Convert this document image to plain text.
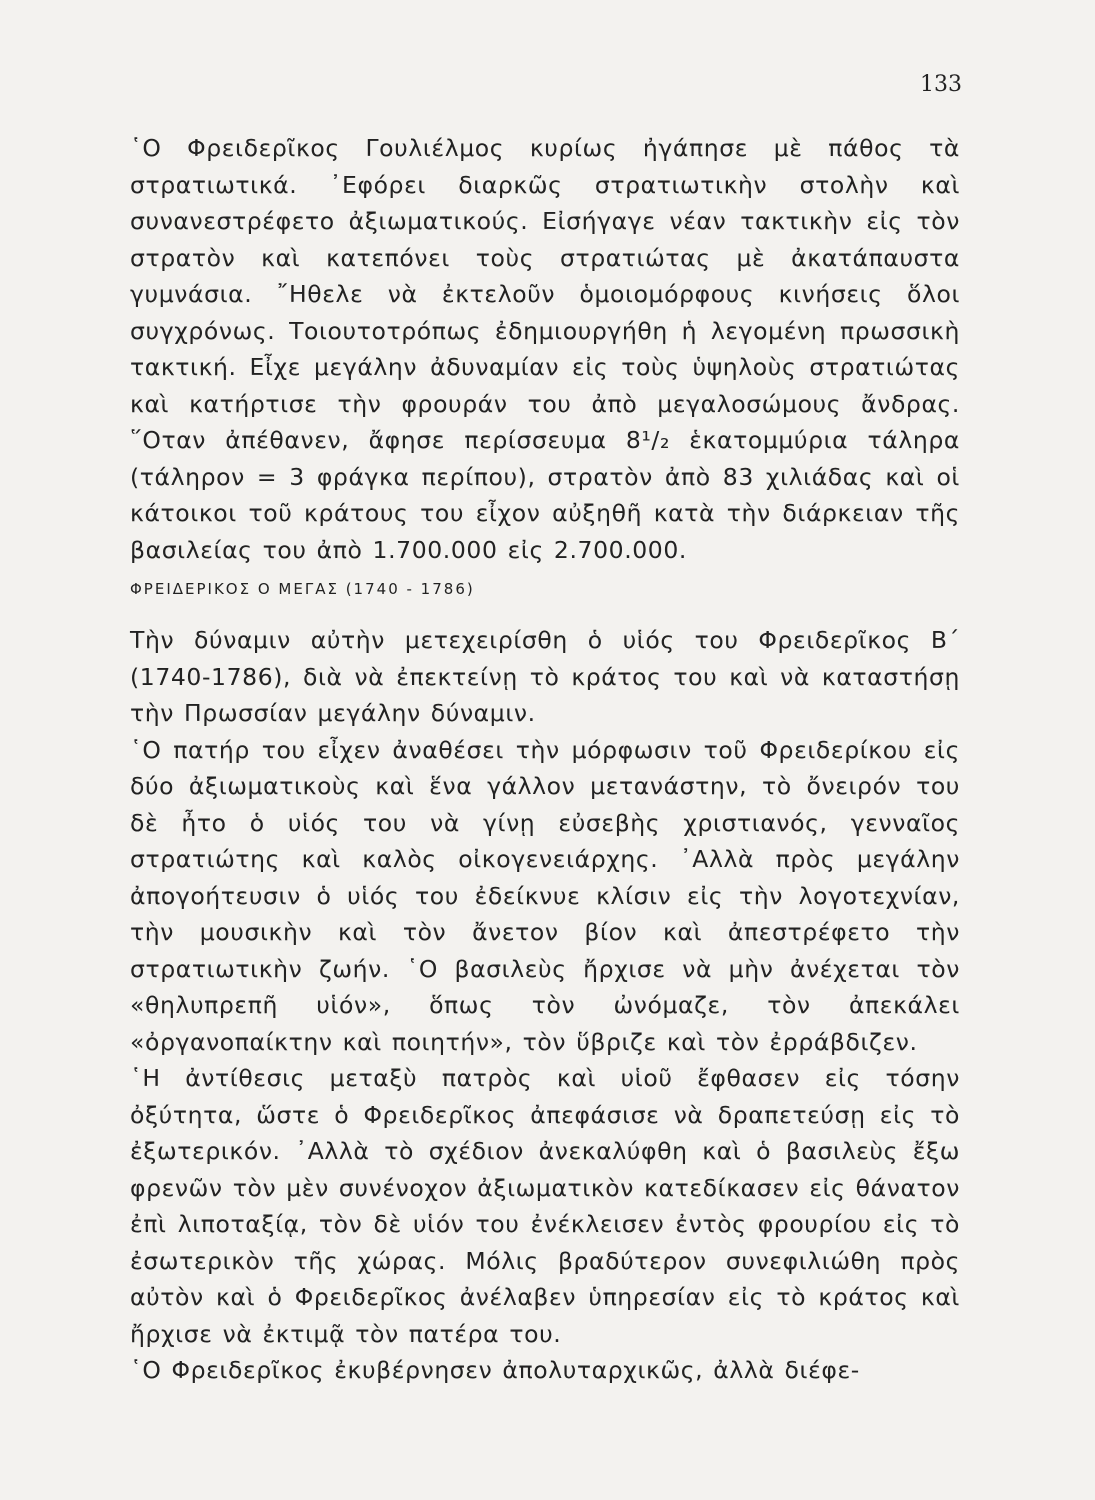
133

῾Ο Φρειδερῖκος Γουλιέλμος κυρίως ἠγάπησε μὲ πάθος τὰ στρατιωτικά. ᾿Εφόρει διαρκῶς στρατιωτικὴν στολὴν καὶ συνανεστρέφετο ἀξιωματικούς. Εἰσήγαγε νέαν τακτικὴν εἰς τὸν στρατὸν καὶ κατεπόνει τοὺς στρατιώτας μὲ ἀκατάπαυστα γυμνάσια. ῎Ηθελε νὰ ἐκτελοῦν ὁμοιομόρφους κινήσεις ὅλοι συγχρόνως. Τοιουτοτρόπως ἐδημιουργήθη ἡ λεγομένη πρωσσικὴ τακτική. Εἶχε μεγάλην ἀδυναμίαν εἰς τοὺς ὑψηλοὺς στρατιώτας καὶ κατήρτισε τὴν φρουράν του ἀπὸ μεγαλοσώμους ἄνδρας. ῞Οταν ἀπέθανεν, ἄφησε περίσσευμα 8¹/₂ ἑκατομμύρια τάληρα (τάληρον = 3 φράγκα περίπου), στρατὸν ἀπὸ 83 χιλιάδας καὶ οἱ κάτοικοι τοῦ κράτους του εἶχον αὐξηθῆ κατὰ τὴν διάρκειαν τῆς βασιλείας του ἀπὸ 1.700.000 εἰς 2.700.000.

ΦΡΕΙΔΕΡΙΚΟΣ Ο ΜΕΓΑΣ (1740 - 1786)

Τὴν δύναμιν αὐτὴν μετεχειρίσθη ὁ υἱός του Φρειδερῖκος Β΄ (1740-1786), διὰ νὰ ἐπεκτείνῃ τὸ κράτος του καὶ νὰ καταστήσῃ τὴν Πρωσσίαν μεγάλην δύναμιν.

῾Ο πατήρ του εἶχεν ἀναθέσει τὴν μόρφωσιν τοῦ Φρειδερίκου εἰς δύο ἀξιωματικοὺς καὶ ἕνα γάλλον μετανάστην, τὸ ὄνειρόν του δὲ ἦτο ὁ υἱός του νὰ γίνῃ εὐσεβὴς χριστιανός, γενναῖος στρατιώτης καὶ καλὸς οἰκογενειάρχης. ᾿Αλλὰ πρὸς μεγάλην ἀπογοήτευσιν ὁ υἱός του ἐδείκνυε κλίσιν εἰς τὴν λογοτεχνίαν, τὴν μουσικὴν καὶ τὸν ἄνετον βίον καὶ ἀπεστρέφετο τὴν στρατιωτικὴν ζωήν. ῾Ο βασιλεὺς ἤρχισε νὰ μὴν ἀνέχεται τὸν «θηλυπρεπῆ υἱόν», ὅπως τὸν ὠνόμαζε, τὸν ἀπεκάλει «ὀργανοπαίκτην καὶ ποιητήν», τὸν ὕβριζε καὶ τὸν ἐρράβδιζεν.

῾Η ἀντίθεσις μεταξὺ πατρὸς καὶ υἱοῦ ἔφθασεν εἰς τόσην ὀξύτητα, ὥστε ὁ Φρειδερῖκος ἀπεφάσισε νὰ δραπετεύσῃ εἰς τὸ ἐξωτερικόν. ᾿Αλλὰ τὸ σχέδιον ἀνεκαλύφθη καὶ ὁ βασιλεὺς ἔξω φρενῶν τὸν μὲν συνένοχον ἀξιωματικὸν κατεδίκασεν εἰς θάνατον ἐπὶ λιποταξίᾳ, τὸν δὲ υἱόν του ἐνέκλεισεν ἐντὸς φρουρίου εἰς τὸ ἐσωτερικὸν τῆς χώρας. Μόλις βραδύτερον συνεφιλιώθη πρὸς αὐτὸν καὶ ὁ Φρειδερῖκος ἀνέλαβεν ὑπηρεσίαν εἰς τὸ κράτος καὶ ἤρχισε νὰ ἐκτιμᾷ τὸν πατέρα του.

῾Ο Φρειδερῖκος ἐκυβέρνησεν ἀπολυταρχικῶς, ἀλλὰ διέφε-
